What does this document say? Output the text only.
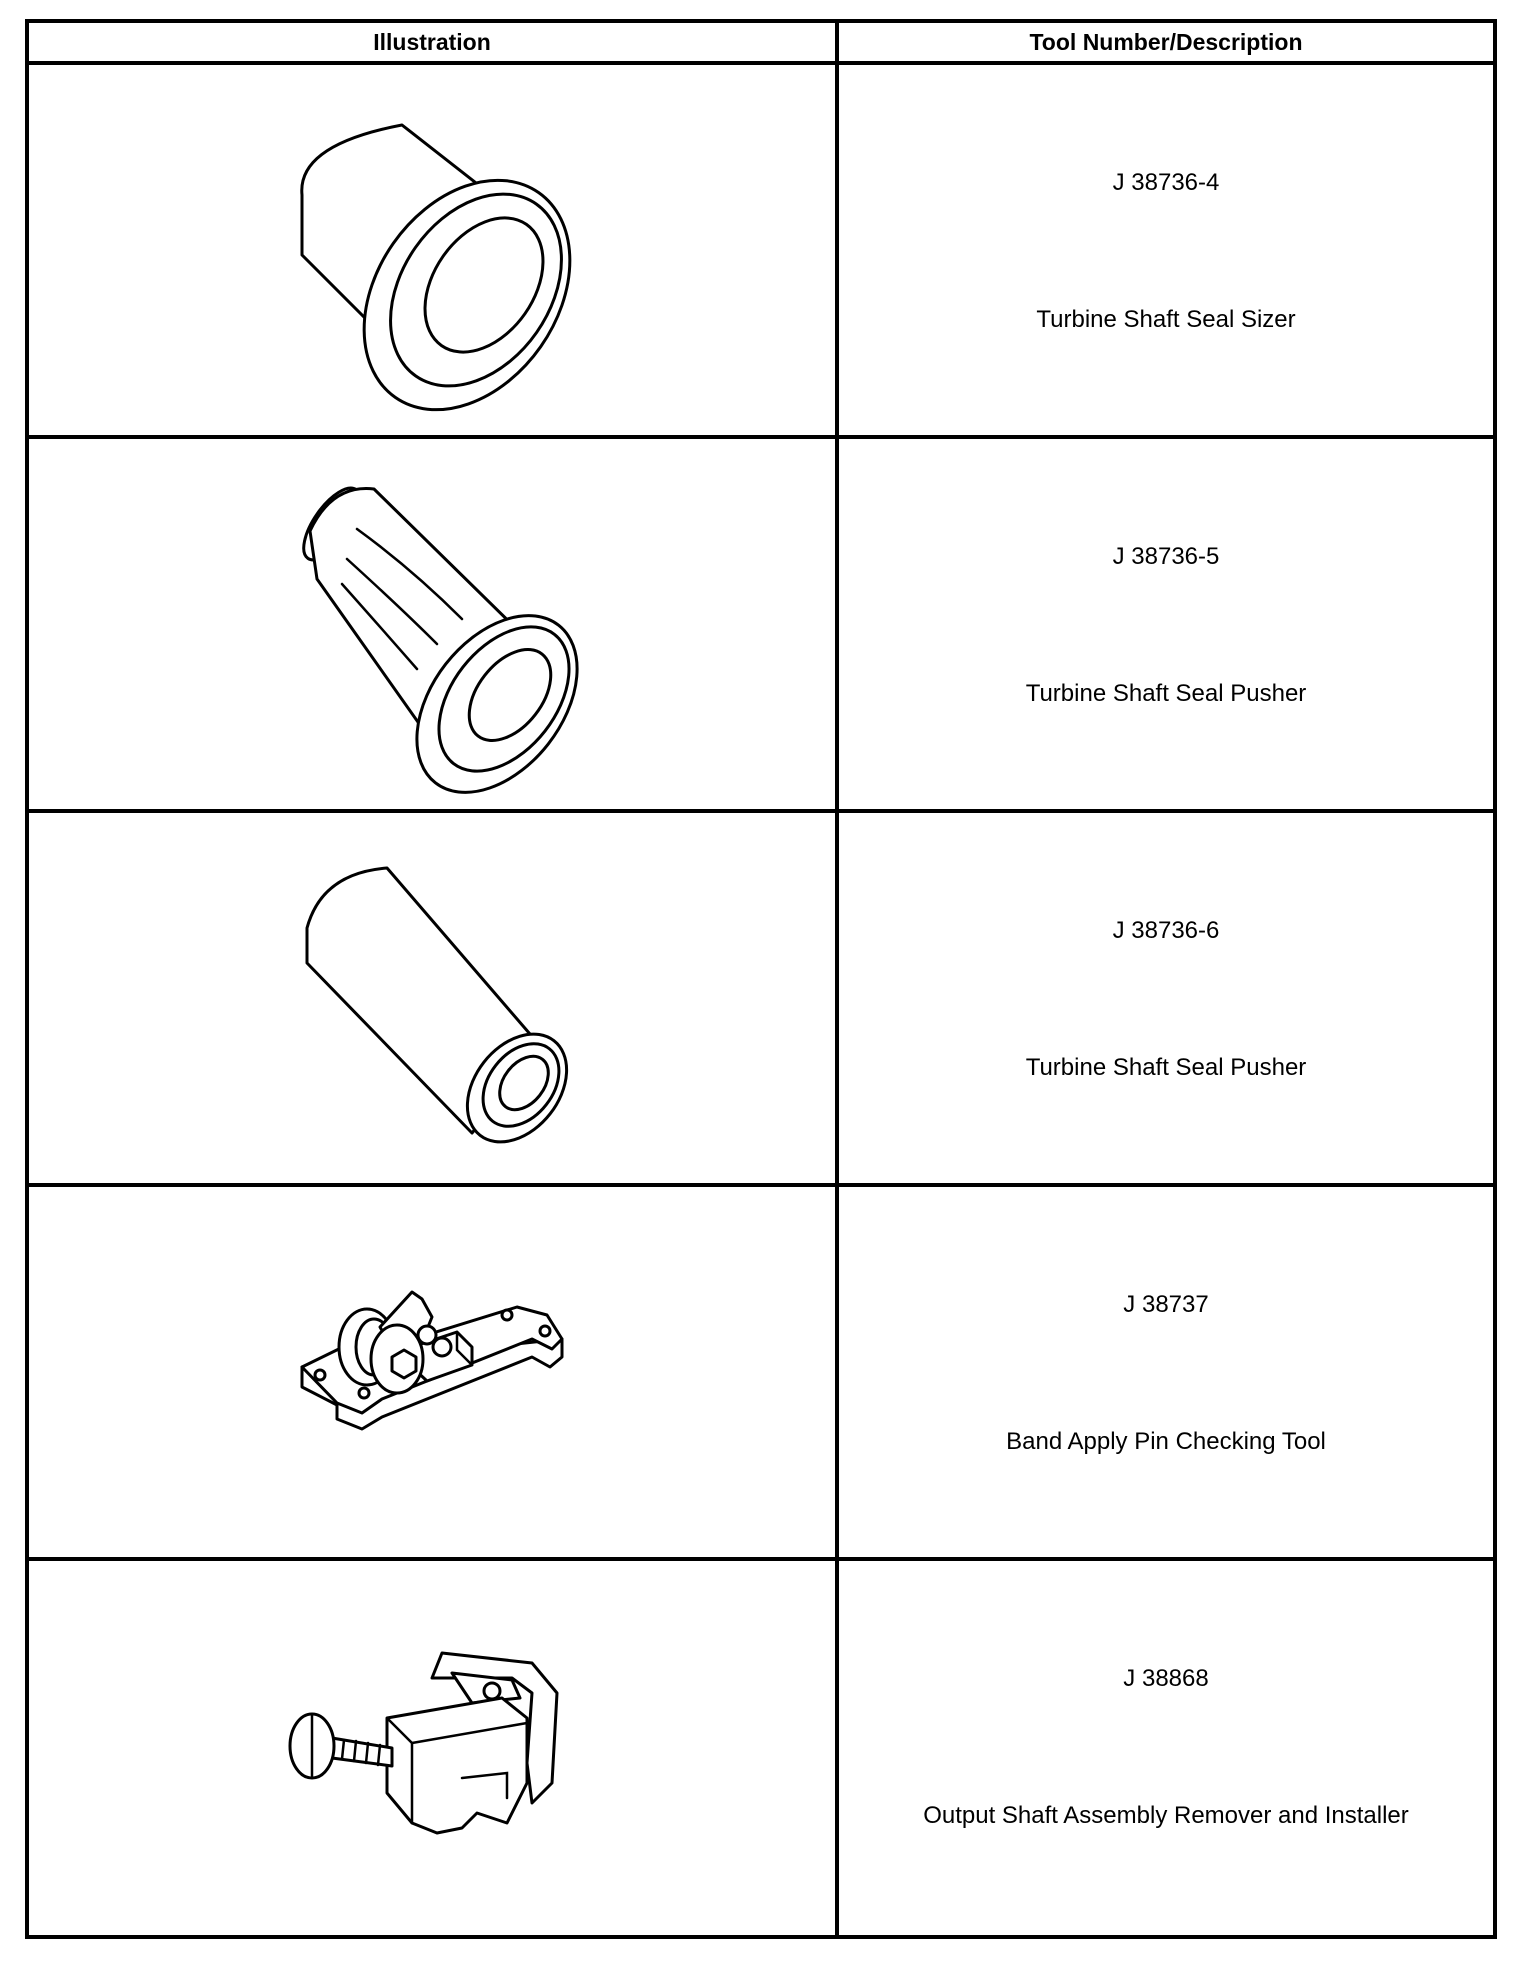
Illustration	Tool Number/Description
J 38736-4
Turbine Shaft Seal Sizer
J 38736-5
Turbine Shaft Seal Pusher
J 38736-6
Turbine Shaft Seal Pusher
J 38737
Band Apply Pin Checking Tool
J 38868
Output Shaft Assembly Remover and Installer
